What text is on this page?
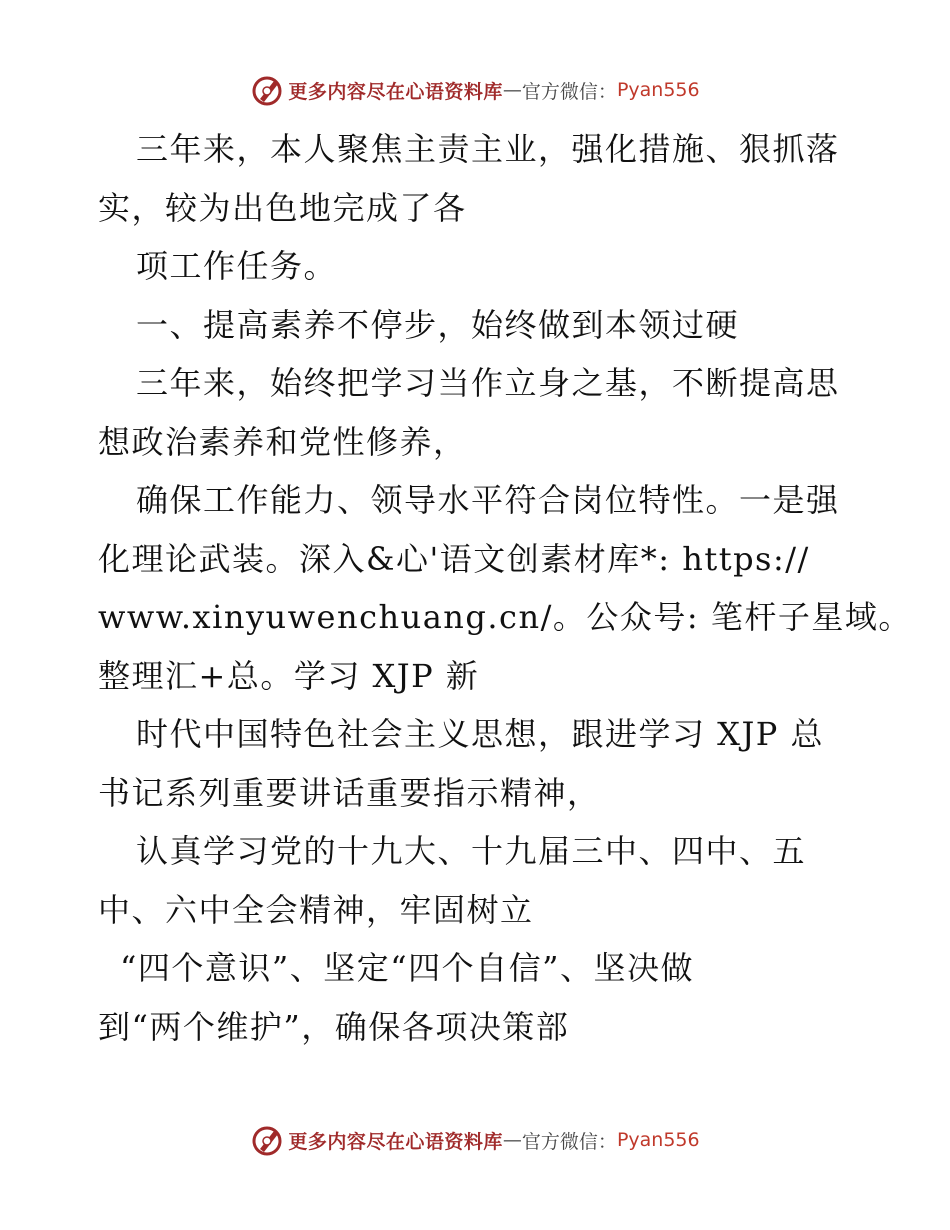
更多内容尽在心语资料库 — 官方微信： Pyan556
三年来，本人聚焦主责主业，强化措施、狠抓落
实，较为出色地完成了各
项工作任务。
一、提高素养不停步，始终做到本领过硬
三年来，始终把学习当作立身之基，不断提高思
想政治素养和党性修养，
确保工作能力、领导水平符合岗位特性。一是强
化理论武装。深入&心'语文创素材库*: https://
www.xinyuwenchuang.cn/。公众号: 笔杆子星域。
整理汇+总。学习 XJP 新
时代中国特色社会主义思想，跟进学习 XJP 总
书记系列重要讲话重要指示精神，
认真学习党的十九大、十九届三中、四中、五
中、六中全会精神，牢固树立
“四个意识”、坚定“四个自信”、坚决做
到“两个维护”，确保各项决策部
更多内容尽在心语资料库 — 官方微信： Pyan556
